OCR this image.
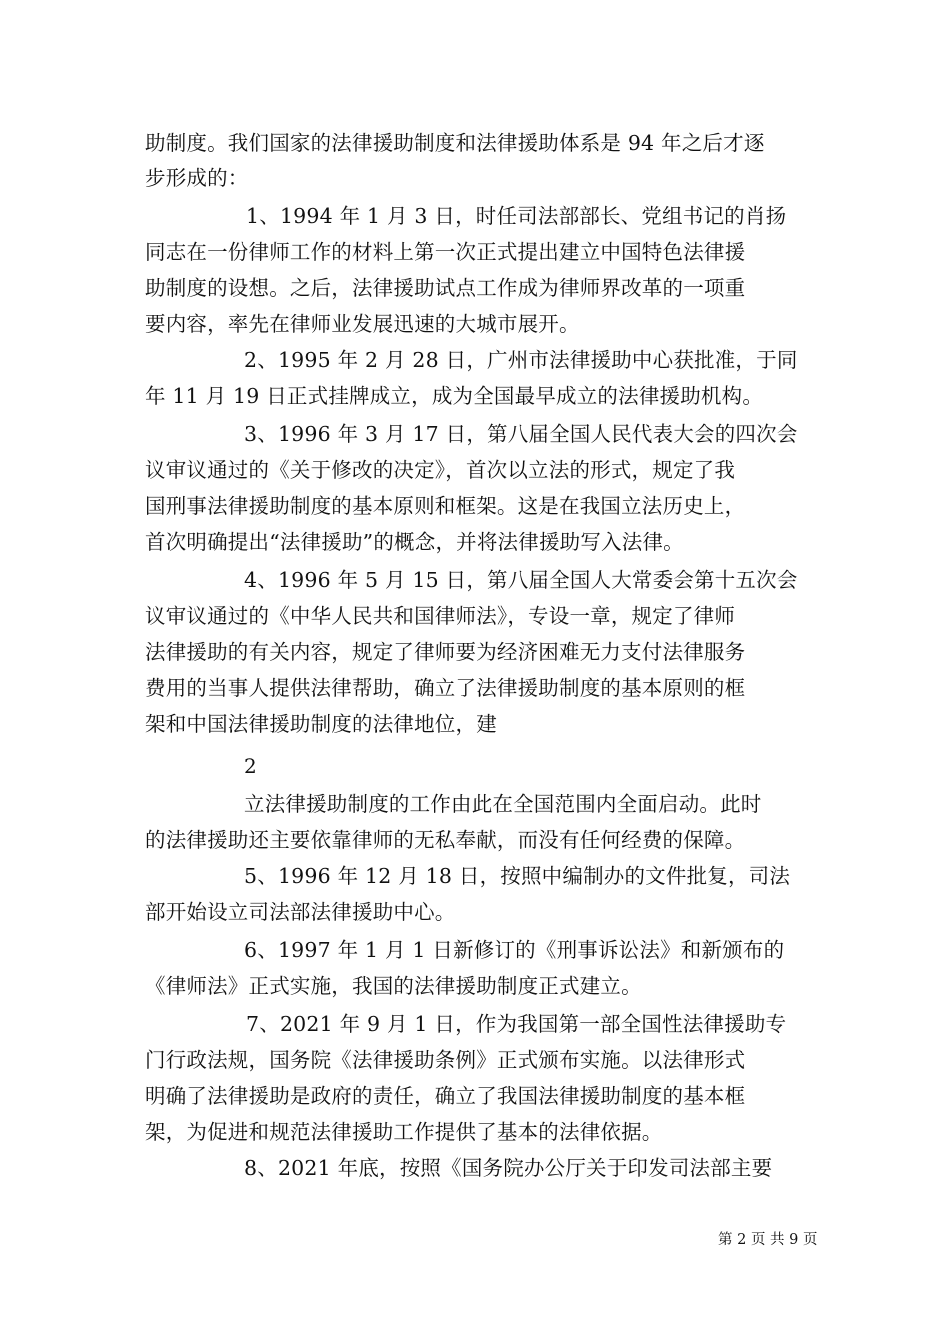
助制度。我们国家的法律援助制度和法律援助体系是 94 年之后才逐
步形成的：
1、1994 年 1 月 3 日，时任司法部部长、党组书记的肖扬
同志在一份律师工作的材料上第一次正式提出建立中国特色法律援
助制度的设想。之后，法律援助试点工作成为律师界改革的一项重
要内容，率先在律师业发展迅速的大城市展开。
2、1995 年 2 月 28 日，广州市法律援助中心获批准，于同
年 11 月 19 日正式挂牌成立，成为全国最早成立的法律援助机构。
3、1996 年 3 月 17 日，第八届全国人民代表大会的四次会
议审议通过的《关于修改的决定》，首次以立法的形式，规定了我
国刑事法律援助制度的基本原则和框架。这是在我国立法历史上，
首次明确提出“法律援助”的概念，并将法律援助写入法律。
4、1996 年 5 月 15 日，第八届全国人大常委会第十五次会
议审议通过的《中华人民共和国律师法》，专设一章，规定了律师
法律援助的有关内容，规定了律师要为经济困难无力支付法律服务
费用的当事人提供法律帮助，确立了法律援助制度的基本原则的框
架和中国法律援助制度的法律地位，建
2
立法律援助制度的工作由此在全国范围内全面启动。此时
的法律援助还主要依靠律师的无私奉献，而没有任何经费的保障。
5、1996 年 12 月 18 日，按照中编制办的文件批复，司法
部开始设立司法部法律援助中心。
6、1997 年 1 月 1 日新修订的《刑事诉讼法》和新颁布的
《律师法》正式实施，我国的法律援助制度正式建立。
7、2021 年 9 月 1 日，作为我国第一部全国性法律援助专
门行政法规，国务院《法律援助条例》正式颁布实施。以法律形式
明确了法律援助是政府的责任，确立了我国法律援助制度的基本框
架，为促进和规范法律援助工作提供了基本的法律依据。
8、2021 年底，按照《国务院办公厅关于印发司法部主要
第 2 页 共 9 页
